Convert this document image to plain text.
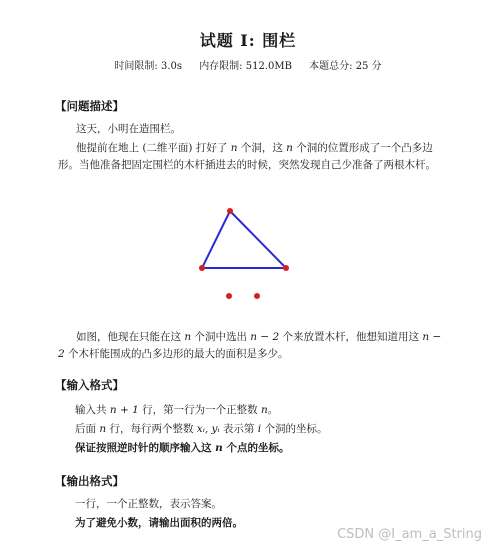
试题 I: 围栏
时间限制: 3.0s 内存限制: 512.0MB 本题总分: 25 分
【问题描述】
这天，小明在造围栏。
他提前在地上 (二维平面) 打好了 n 个洞，这 n 个洞的位置形成了一个凸多边形。当他准备把固定围栏的木杆插进去的时候，突然发现自己少准备了两根木杆。
如图，他现在只能在这 n 个洞中选出 n − 2 个来放置木杆，他想知道用这 n − 2 个木杆能围成的凸多边形的最大的面积是多少。
【输入格式】
输入共 n + 1 行，第一行为一个正整数 n。
后面 n 行，每行两个整数 xᵢ, yᵢ 表示第 i 个洞的坐标。
保证按照逆时针的顺序输入这 n 个点的坐标。
【输出格式】
一行，一个正整数，表示答案。
为了避免小数，请输出面积的两倍。
CSDN @I_am_a_String
